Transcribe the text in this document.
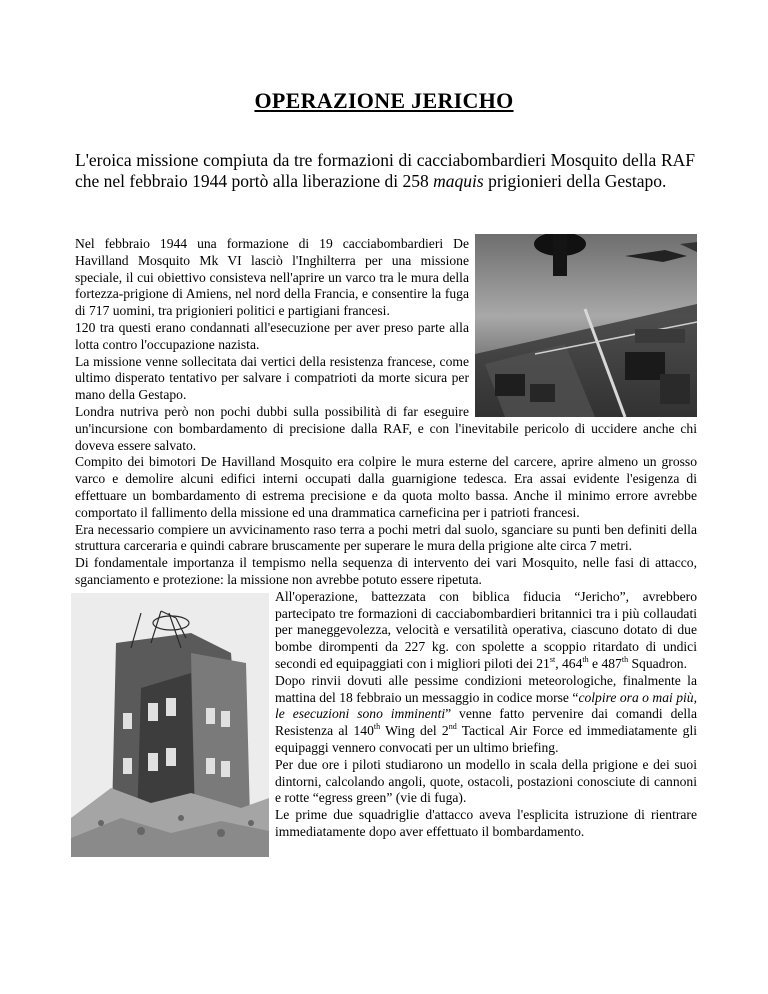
OPERAZIONE JERICHO
L'eroica missione compiuta da tre formazioni di cacciabombardieri Mosquito della RAF che nel febbraio 1944 portò alla liberazione di 258 maquis prigionieri della Gestapo.

Nel febbraio 1944 una formazione di 19 cacciabombardieri De Havilland Mosquito Mk VI lasciò l'Inghilterra per una missione speciale, il cui obiettivo consisteva nell'aprire un varco tra le mura della fortezza-prigione di Amiens, nel nord della Francia, e consentire la fuga di 717 uomini, tra prigionieri politici e partigiani francesi.

120 tra questi erano condannati all'esecuzione per aver preso parte alla lotta contro l'occupazione nazista.

La missione venne sollecitata dai vertici della resistenza francese, come ultimo disperato tentativo per salvare i compatrioti da morte sicura per mano della Gestapo.

Londra nutriva però non pochi dubbi sulla possibilità di far eseguire un'incursione con bombardamento di precisione dalla RAF, e con l'inevitabile pericolo di uccidere anche chi doveva essere salvato.

Compito dei bimotori De Havilland Mosquito era colpire le mura esterne del carcere, aprire almeno un grosso varco e demolire alcuni edifici interni occupati dalla guarnigione tedesca. Era assai evidente l'esigenza di effettuare un bombardamento di estrema precisione e da quota molto bassa. Anche il minimo errore avrebbe comportato il fallimento della missione ed una drammatica carneficina per i patrioti francesi.

Era necessario compiere un avvicinamento raso terra a pochi metri dal suolo, sganciare su punti ben definiti della struttura carceraria e quindi cabrare bruscamente per superare le mura della prigione alte circa 7 metri.

Di fondamentale importanza il tempismo nella sequenza di intervento dei vari Mosquito, nelle fasi di attacco, sganciamento e protezione: la missione non avrebbe potuto essere ripetuta.

All'operazione, battezzata con biblica fiducia “Jericho”, avrebbero partecipato tre formazioni di cacciabombardieri britannici tra i più collaudati per maneggevolezza, velocità e versatilità operativa, ciascuno dotato di due bombe dirompenti da 227 kg. con spolette a scoppio ritardato di undici secondi ed equipaggiati con i migliori piloti dei 21st, 464th e 487th Squadron.

Dopo rinvii dovuti alle pessime condizioni meteorologiche, finalmente la mattina del 18 febbraio un messaggio in codice morse “colpire ora o mai più, le esecuzioni sono imminenti” venne fatto pervenire dai comandi della Resistenza al 140th Wing del 2nd Tactical Air Force ed immediatamente gli equipaggi vennero convocati per un ultimo briefing.

Per due ore i piloti studiarono un modello in scala della prigione e dei suoi dintorni, calcolando angoli, quote, ostacoli, postazioni conosciute di cannoni e rotte “egress green” (vie di fuga).

Le prime due squadriglie d'attacco aveva l'esplicita istruzione di rientrare immediatamente dopo aver effettuato il bombardamento.
